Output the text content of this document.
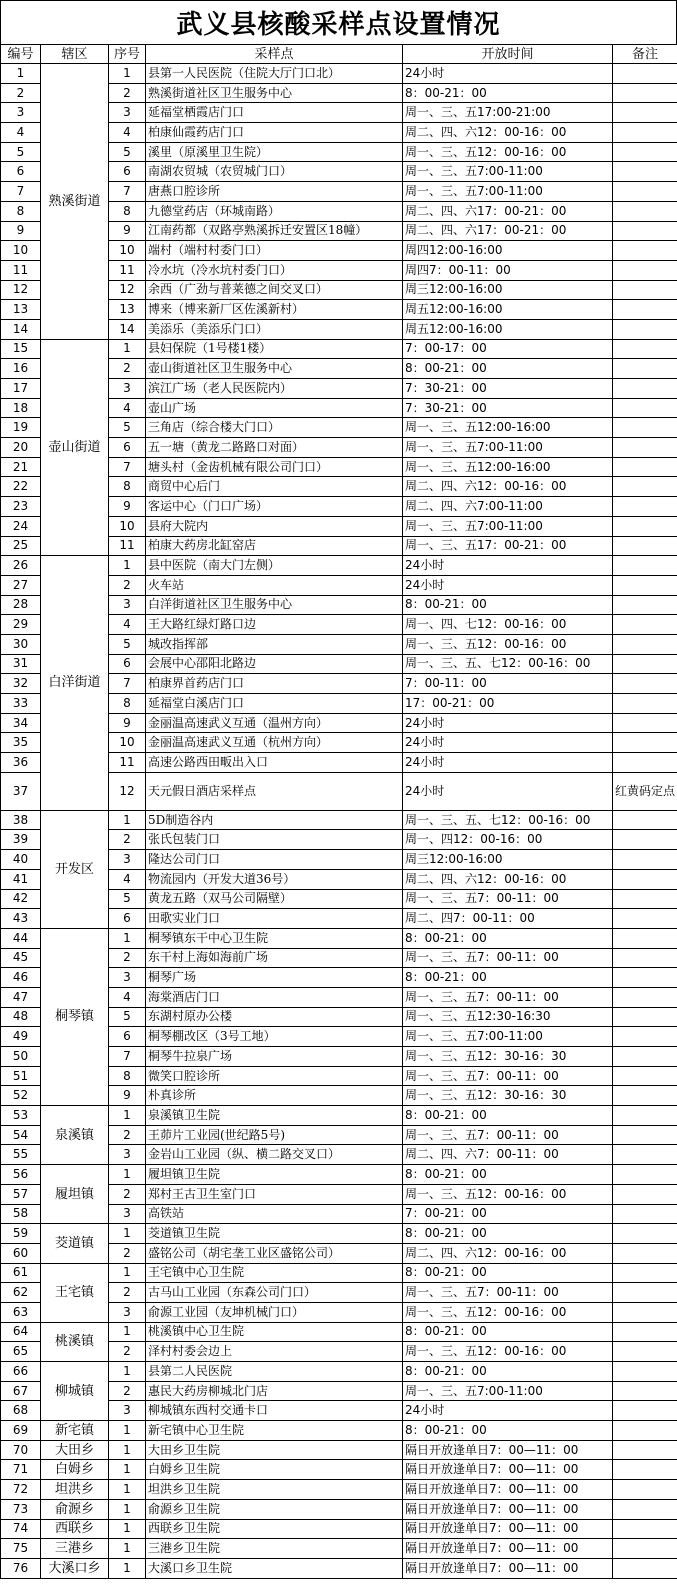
武义县核酸采样点设置情况
编号	辖区	序号	采样点	开放时间	备注
1	熟溪街道	1	县第一人民医院（住院大厅门口北）	24小时	
2		2	熟溪街道社区卫生服务中心	8：00-21：00	
3		3	延福堂栖霞店门口	周一、三、五17:00-21:00	
4		4	柏康仙霞药店门口	周二、四、六12：00-16：00	
5		5	溪里（原溪里卫生院）	周一、三、五12：00-16：00	
6		6	南湖农贸城（农贸城门口）	周一、三、五7:00-11:00	
7		7	唐燕口腔诊所	周一、三、五7:00-11:00	
8		8	九德堂药店（环城南路）	周二、四、六17：00-21：00	
9		9	江南药都（双路亭熟溪拆迁安置区18幢）	周二、四、六17：00-21：00	
10		10	端村（端村村委门口）	周四12:00-16:00	
11		11	冷水坑（冷水坑村委门口）	周四7：00-11：00	
12		12	余西（广劲与普莱德之间交叉口）	周三12:00-16:00	
13		13	博来（博来新厂区佐溪新村）	周五12:00-16:00	
14		14	美添乐（美添乐门口）	周五12:00-16:00	
15	壶山街道	1	县妇保院（1号楼1楼）	7：00-17：00	
16		2	壶山街道社区卫生服务中心	8：00-21：00	
17		3	滨江广场（老人民医院内）	7：30-21：00	
18		4	壶山广场	7：30-21：00	
19		5	三角店（综合楼大门口）	周一、三、五12:00-16:00	
20		6	五一塘（黄龙二路路口对面）	周一、三、五7:00-11:00	
21		7	塘头村（金齿机械有限公司门口）	周一、三、五12:00-16:00	
22		8	商贸中心后门	周二、四、六12：00-16：00	
23		9	客运中心（门口广场）	周二、四、六7:00-11:00	
24		10	县府大院内	周一、三、五7:00-11:00	
25		11	柏康大药房北缸窑店	周一、三、五17：00-21：00	
26	白洋街道	1	县中医院（南大门左侧）	24小时	
27		2	火车站	24小时	
28		3	白洋街道社区卫生服务中心	8：00-21：00	
29		4	王大路红绿灯路口边	周一、四、七12：00-16：00	
30		5	城改指挥部	周一、三、五12：00-16：00	
31		6	会展中心邵阳北路边	周一、三、五、七12：00-16：00	
32		7	柏康界首药店门口	7：00-11：00	
33		8	延福堂白溪店门口	17：00-21：00	
34		9	金丽温高速武义互通（温州方向）	24小时	
35		10	金丽温高速武义互通（杭州方向）	24小时	
36		11	高速公路西田畈出入口	24小时	
37		12	天元假日酒店采样点	24小时	红黄码定点
38	开发区	1	5D制造谷内	周一、三、五、七12：00-16：00	
39		2	张氏包装门口	周一、四12：00-16：00	
40		3	隆达公司门口	周三12:00-16:00	
41		4	物流园内（开发大道36号）	周二、四、六12：00-16：00	
42		5	黄龙五路（双马公司隔壁）	周一、三、五7：00-11：00	
43		6	田歌实业门口	周二、四7：00-11：00	
44	桐琴镇	1	桐琴镇东干中心卫生院	8：00-21：00	
45		2	东干村上海如海前广场	周一、三、五7：00-11：00	
46		3	桐琴广场	8：00-21：00	
47		4	海棠酒店门口	周一、三、五7：00-11：00	
48		5	东湖村原办公楼	周一、三、五12:30-16:30	
49		6	桐琴棚改区（3号工地）	周一、三、五7:00-11:00	
50		7	桐琴牛拉泉广场	周一、三、五12：30-16：30	
51		8	微笑口腔诊所	周一、三、五7：00-11：00	
52		9	朴真诊所	周一、三、五12：30-16：30	
53	泉溪镇	1	泉溪镇卫生院	8：00-21：00	
54		2	王茆片工业园(世纪路5号)	周一、三、五7：00-11：00	
55		3	金岩山工业园（纵、横二路交叉口）	周二、四、六7：00-11：00	
56	履坦镇	1	履坦镇卫生院	8：00-21：00	
57		2	郑村王古卫生室门口	周一、三、五12：00-16：00	
58		3	高铁站	7：00-21：00	
59	茭道镇	1	茭道镇卫生院	8：00-21：00	
60		2	盛铭公司（胡宅垄工业区盛铭公司）	周二、四、六12：00-16：00	
61	王宅镇	1	王宅镇中心卫生院	8：00-21：00	
62		2	古马山工业园（东森公司门口）	周一、三、五7：00-11：00	
63		3	俞源工业园（友坤机械门口）	周一、三、五12：00-16：00	
64	桃溪镇	1	桃溪镇中心卫生院	8：00-21：00	
65		2	泽村村委会边上	周一、三、五12：00-16：00	
66	柳城镇	1	县第二人民医院	8：00-21：00	
67		2	惠民大药房柳城北门店	周一、三、五7:00-11:00	
68		3	柳城镇东西村交通卡口	24小时	
69	新宅镇	1	新宅镇中心卫生院	8：00-21：00	
70	大田乡	1	大田乡卫生院	隔日开放逢单日7：00—11：00	
71	白姆乡	1	白姆乡卫生院	隔日开放逢单日7：00—11：00	
72	坦洪乡	1	坦洪乡卫生院	隔日开放逢单日7：00—11：00	
73	俞源乡	1	俞源乡卫生院	隔日开放逢单日7：00—11：00	
74	西联乡	1	西联乡卫生院	隔日开放逢单日7：00—11：00	
75	三港乡	1	三港乡卫生院	隔日开放逢单日7：00—11：00	
76	大溪口乡	1	大溪口乡卫生院	隔日开放逢单日7：00—11：00	
